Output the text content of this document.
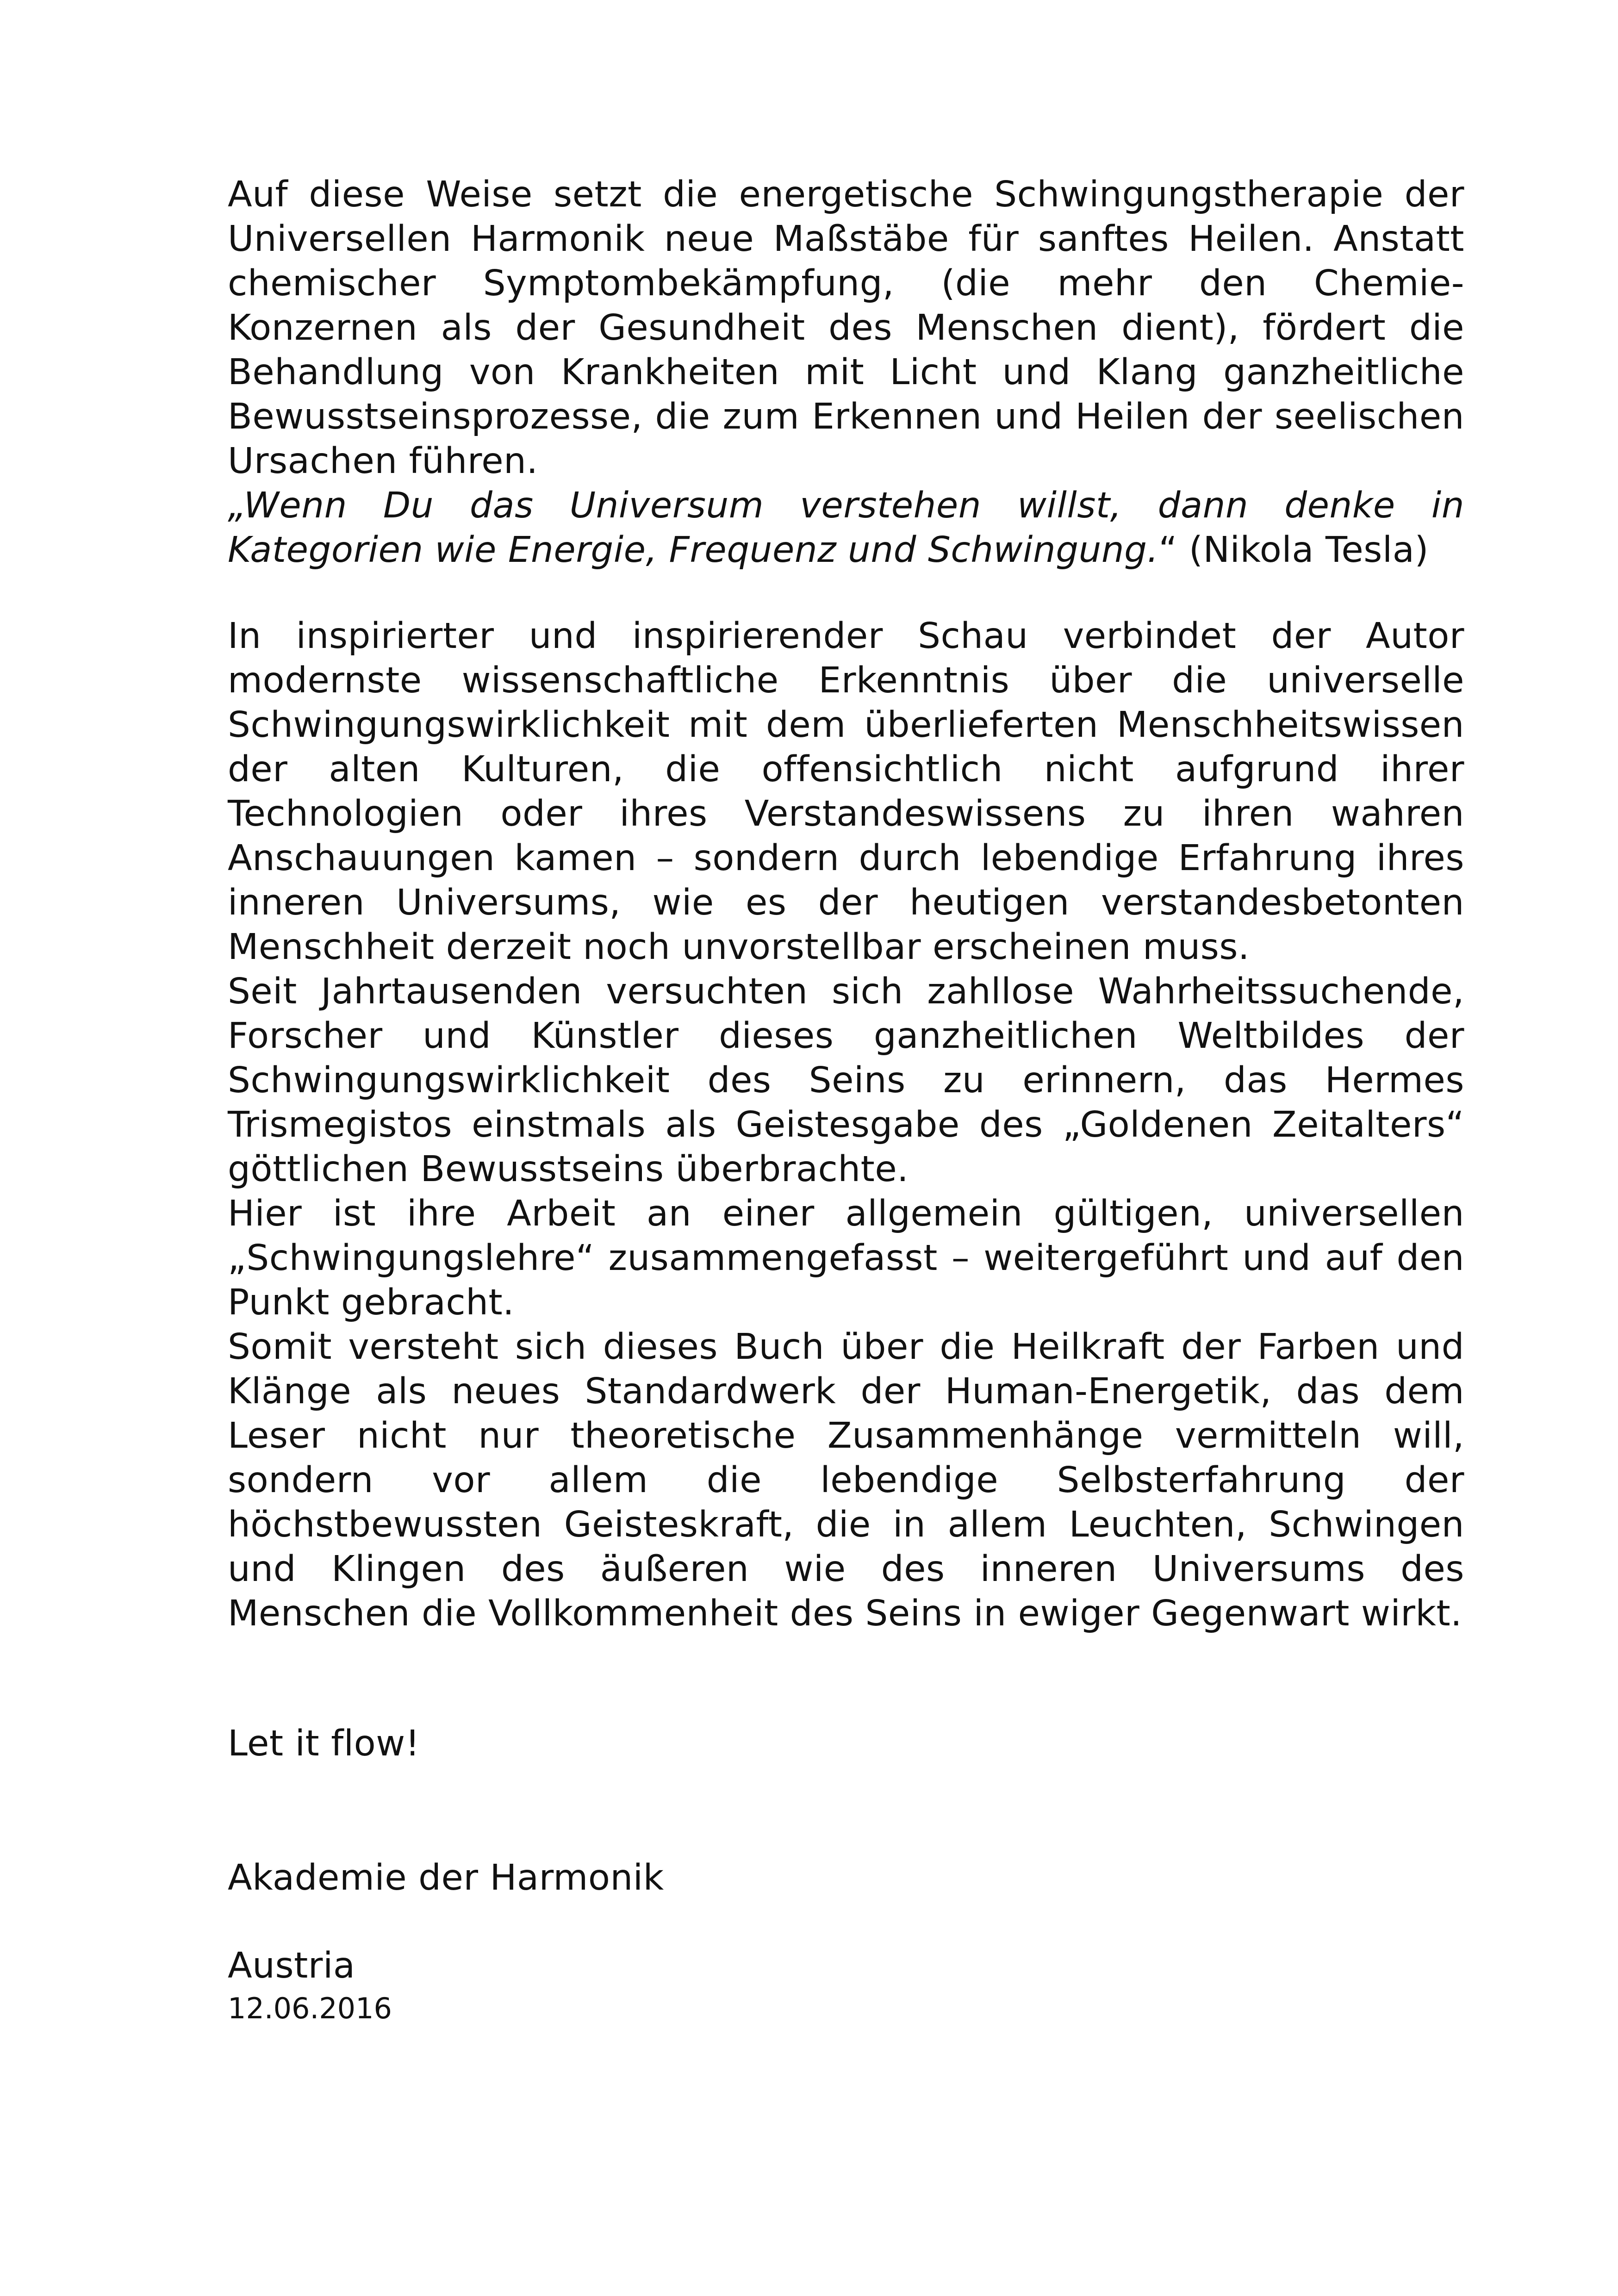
Auf diese Weise setzt die energetische Schwingungstherapie der Universellen Harmonik neue Maßstäbe für sanftes Heilen. Anstatt chemischer Symptombekämpfung, (die mehr den Chemie-Konzernen als der Gesundheit des Menschen dient), fördert die Behandlung von Krankheiten mit Licht und Klang ganzheitliche Bewusstseinsprozesse, die zum Erkennen und Heilen der seelischen Ursachen führen.

„Wenn Du das Universum verstehen willst, dann denke in Kategorien wie Energie, Frequenz und Schwingung.“ (Nikola Tesla)

In inspirierter und inspirierender Schau verbindet der Autor modernste wissenschaftliche Erkenntnis über die universelle Schwingungswirklichkeit mit dem überlieferten Menschheitswissen der alten Kulturen, die offensichtlich nicht aufgrund ihrer Technologien oder ihres Verstandeswissens zu ihren wahren Anschauungen kamen – sondern durch lebendige Erfahrung ihres inneren Universums, wie es der heutigen verstandesbetonten Menschheit derzeit noch unvorstellbar erscheinen muss.

Seit Jahrtausenden versuchten sich zahllose Wahrheitssuchende, Forscher und Künstler dieses ganzheitlichen Weltbildes der Schwingungswirklichkeit des Seins zu erinnern, das Hermes Trismegistos einstmals als Geistesgabe des „Goldenen Zeitalters“ göttlichen Bewusstseins überbrachte.

Hier ist ihre Arbeit an einer allgemein gültigen, universellen „Schwingungslehre“ zusammengefasst – weitergeführt und auf den Punkt gebracht.

Somit versteht sich dieses Buch über die Heilkraft der Farben und Klänge als neues Standardwerk der Human-Energetik, das dem Leser nicht nur theoretische Zusammenhänge vermitteln will, sondern vor allem die lebendige Selbsterfahrung der höchstbewussten Geisteskraft, die in allem Leuchten, Schwingen und Klingen des äußeren wie des inneren Universums des Menschen die Vollkommenheit des Seins in ewiger Gegenwart wirkt.

Let it flow!

Akademie der Harmonik

Austria

12.06.2016
